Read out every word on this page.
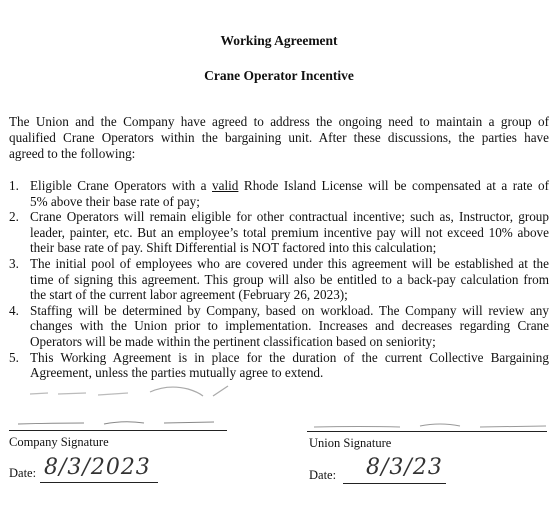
Working Agreement
Crane Operator Incentive
The Union and the Company have agreed to address the ongoing need to maintain a group of
qualified Crane Operators within the bargaining unit. After these discussions, the parties have
agreed to the following:
1. Eligible Crane Operators with a valid Rhode Island License will be compensated at a rate of
5% above their base rate of pay;
2. Crane Operators will remain eligible for other contractual incentive; such as, Instructor, group
leader, painter, etc. But an employee’s total premium incentive pay will not exceed 10% above
their base rate of pay. Shift Differential is NOT factored into this calculation;
3. The initial pool of employees who are covered under this agreement will be established at the
time of signing this agreement. This group will also be entitled to a back-pay calculation from
the start of the current labor agreement (February 26, 2023);
4. Staffing will be determined by Company, based on workload. The Company will review any
changes with the Union prior to implementation. Increases and decreases regarding Crane
Operators will be made within the pertinent classification based on seniority;
5. This Working Agreement is in place for the duration of the current Collective Bargaining
Agreement, unless the parties mutually agree to extend.
Company Signature	Union Signature
Date: 8/3/2023	Date: 8/3/23
